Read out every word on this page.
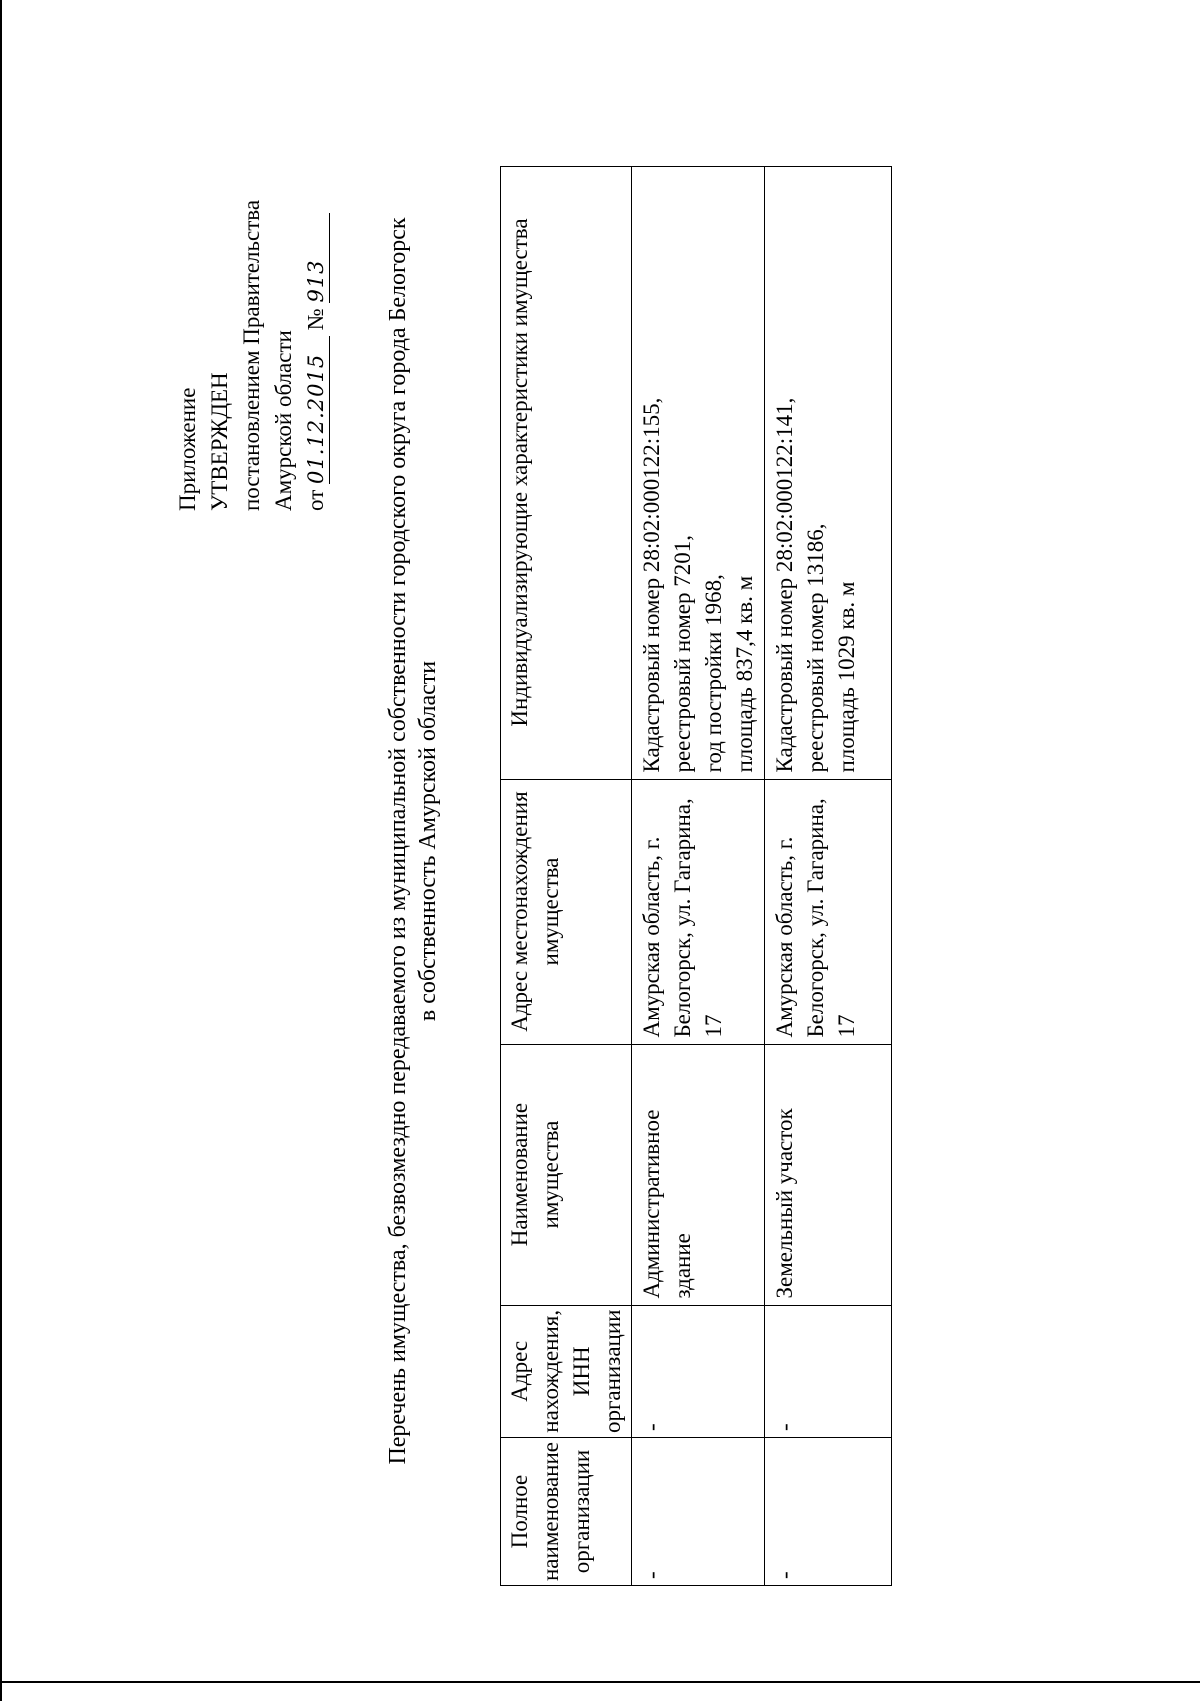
Приложение УТВЕРЖДЕН постановлением Правительства Амурской области от 01.12.2015 № 913 Перечень имущества, безвозмездно передаваемого из муниципальной собственности городского округа города Белогорск в собственность Амурской области
Полное наименование организации	Адрес нахождения, ИНН организации	Наименование имущества	Адрес местонахождения имущества	Индивидуализирующие характеристики имущества
-	-	Административное здание	Амурская область, г. Белогорск, ул. Гагарина, 17	Кадастровый номер 28:02:000122:155, реестровый номер 7201, год постройки 1968, площадь 837,4 кв. м

-	-	Земельный участок	Амурская область, г. Белогорск, ул. Гагарина, 17	Кадастровый номер 28:02:000122:141, реестровый номер 13186, площадь 1029 кв. м
